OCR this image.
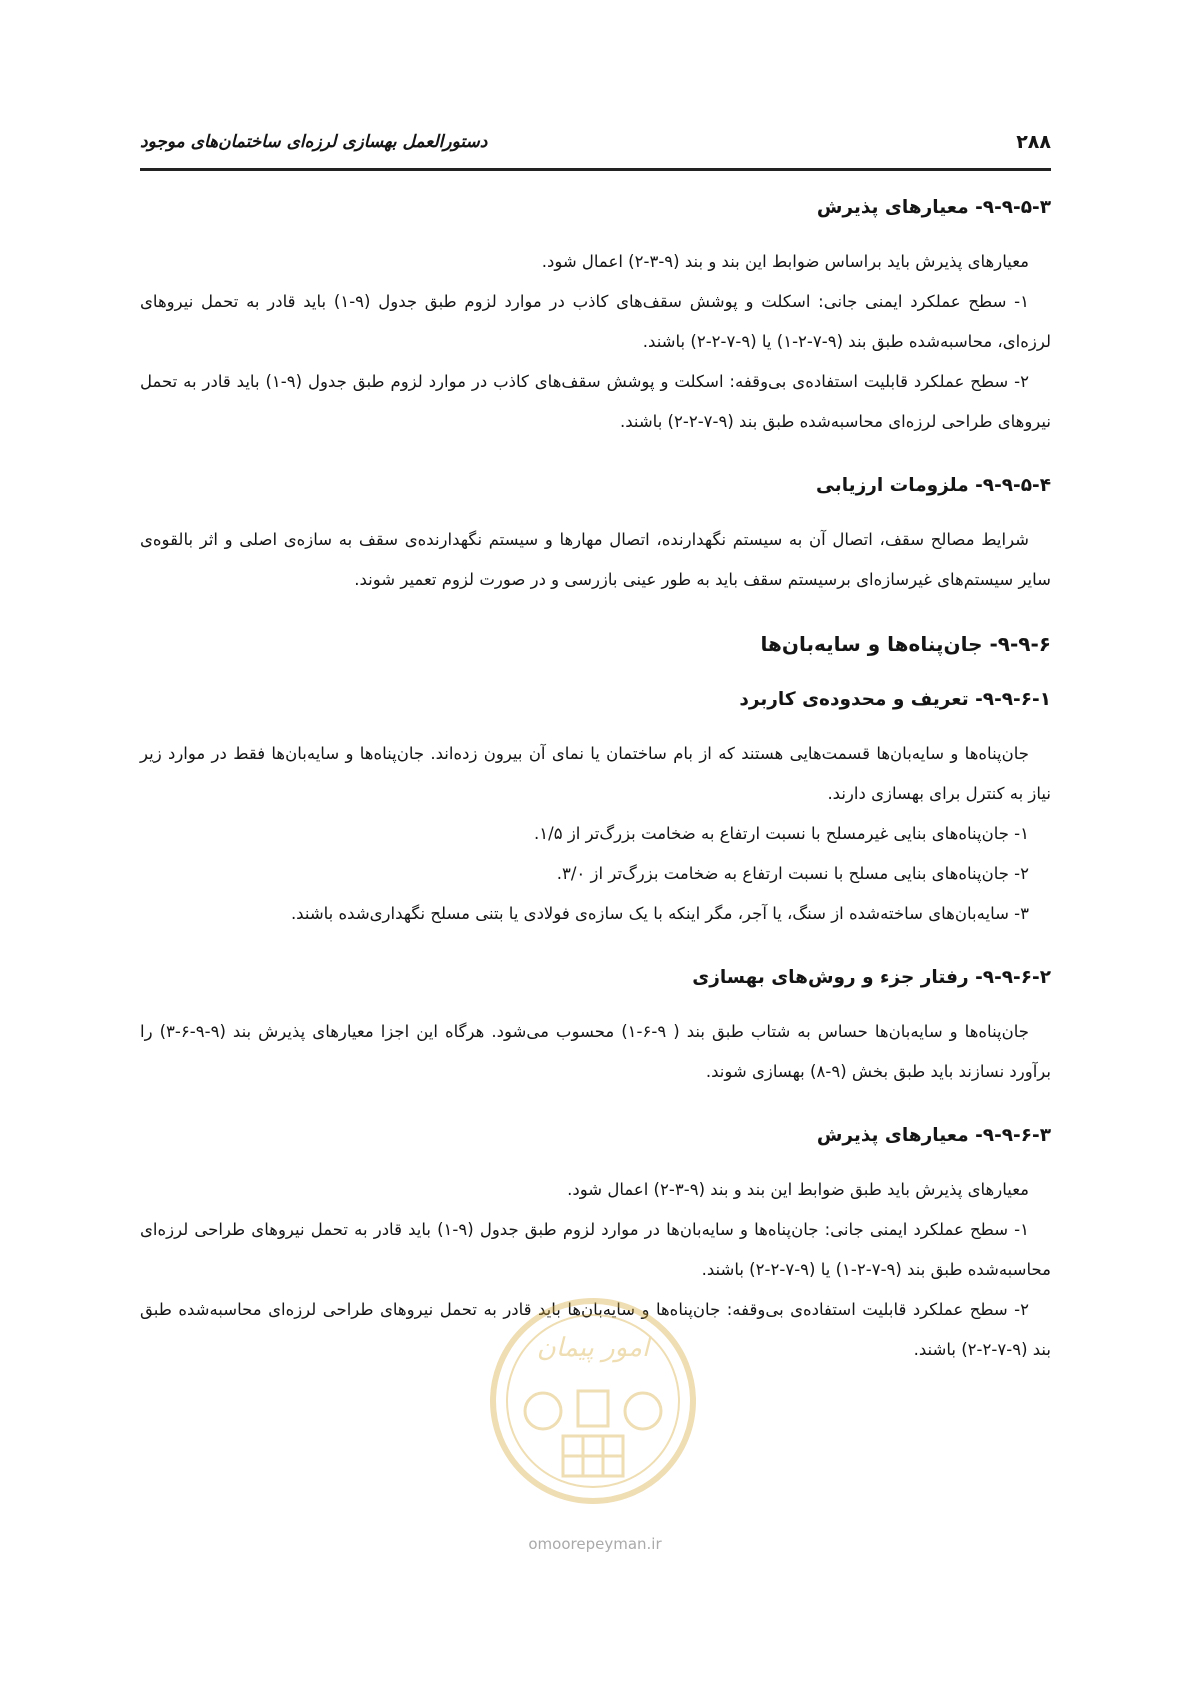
۲۸۸
دستورالعمل بهسازی لرزه‌ای ساختمان‌های موجود
۹-۹-۵-۳- معیارهای پذیرش

معیارهای پذیرش باید براساس ضوابط این بند و بند (۹-۳-۲) اعمال شود.

۱- سطح عملکرد ایمنی جانی: اسکلت و پوشش سقف‌های کاذب در موارد لزوم طبق جدول (۹-۱) باید قادر به تحمل نیروهای لرزه‌ای، محاسبه‌شده طبق بند (۹-۷-۲-۱) یا (۹-۷-۲-۲) باشند.

۲- سطح عملکرد قابلیت استفاده‌ی بی‌وقفه: اسکلت و پوشش سقف‌های کاذب در موارد لزوم طبق جدول (۹-۱) باید قادر به تحمل نیروهای طراحی لرزه‌ای محاسبه‌شده طبق بند (۹-۷-۲-۲) باشند.

۹-۹-۵-۴- ملزومات ارزیابی

شرایط مصالح سقف، اتصال آن به سیستم نگهدارنده، اتصال مهارها و سیستم نگهدارنده‌ی سقف به سازه‌ی اصلی و اثر بالقوه‌ی سایر سیستم‌های غیرسازه‌ای برسیستم سقف باید به طور عینی بازرسی و در صورت لزوم تعمیر شوند.

۹-۹-۶- جان‌پناه‌ها و سایه‌بان‌ها
۹-۹-۶-۱- تعریف و محدوده‌ی کاربرد

جان‌پناه‌ها و سایه‌بان‌ها قسمت‌هایی هستند که از بام ساختمان یا نمای آن بیرون زده‌اند. جان‌پناه‌ها و سایه‌بان‌ها فقط در موارد زیر نیاز به کنترل برای بهسازی دارند.

۱- جان‌پناه‌های بنایی غیرمسلح با نسبت ارتفاع به ضخامت بزرگ‌تر از ۱/۵.

۲- جان‌پناه‌های بنایی مسلح با نسبت ارتفاع به ضخامت بزرگ‌تر از ۳/۰.

۳- سایه‌بان‌های ساخته‌شده از سنگ، یا آجر، مگر اینکه با یک سازه‌ی فولادی یا بتنی مسلح نگهداری‌شده باشند.

۹-۹-۶-۲- رفتار جزء و روش‌های بهسازی

جان‌پناه‌ها و سایه‌بان‌ها حساس به شتاب طبق بند ( ۹-۶-۱) محسوب می‌شود. هرگاه این اجزا معیارهای پذیرش بند (۹-۹-۶-۳) را برآورد نسازند باید طبق بخش (۹-۸) بهسازی شوند.

۹-۹-۶-۳- معیارهای پذیرش

معیارهای پذیرش باید طبق ضوابط این بند و بند (۹-۳-۲) اعمال شود.

۱- سطح عملکرد ایمنی جانی: جان‌پناه‌ها و سایه‌بان‌ها در موارد لزوم طبق جدول (۹-۱) باید قادر به تحمل نیروهای طراحی لرزه‌ای محاسبه‌شده طبق بند (۹-۷-۲-۱) یا (۹-۷-۲-۲) باشند.

۲- سطح عملکرد قابلیت استفاده‌ی بی‌وقفه: جان‌پناه‌ها و سایه‌بان‌ها باید قادر به تحمل نیروهای طراحی لرزه‌ای محاسبه‌شده طبق بند (۹-۷-۲-۲) باشند.

امور پیمان
omoorepeyman.ir
